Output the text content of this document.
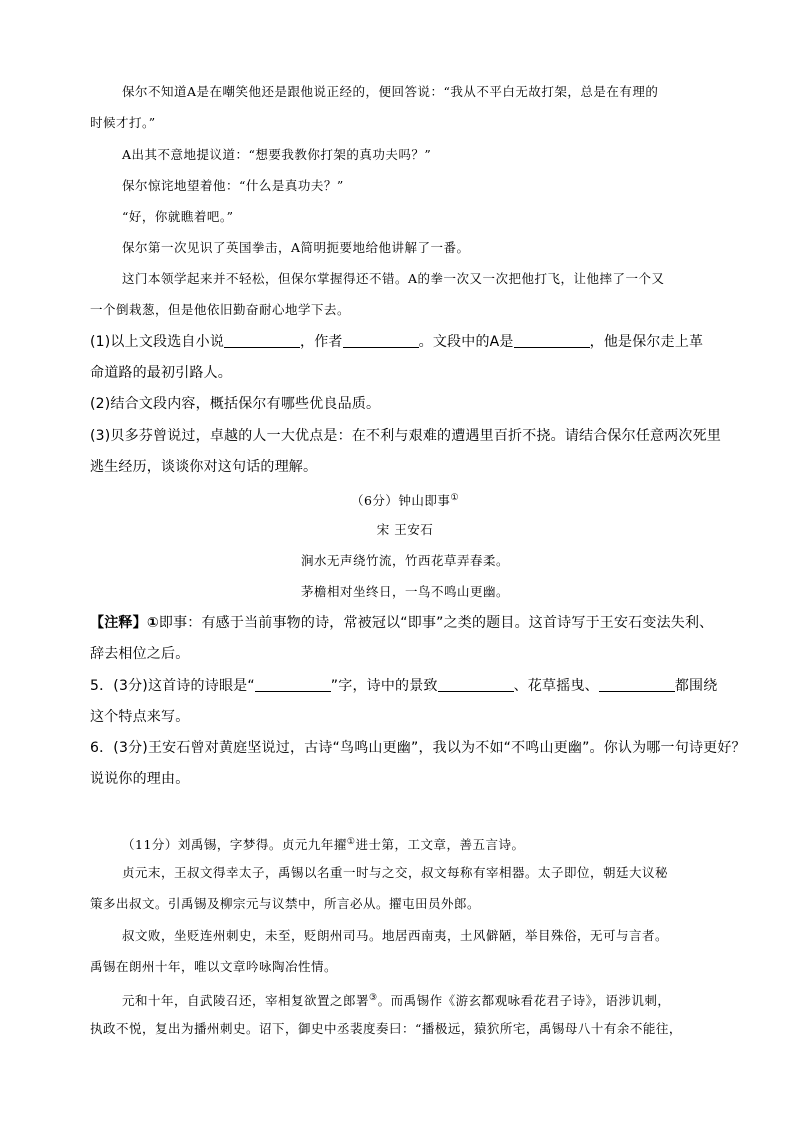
保尔不知道A是在嘲笑他还是跟他说正经的，便回答说：“我从不平白无故打架，总是在有理的
时候才打。”
A出其不意地提议道：“想要我教你打架的真功夫吗？”
保尔惊诧地望着他：“什么是真功夫？”
“好，你就瞧着吧。”
保尔第一次见识了英国拳击，A简明扼要地给他讲解了一番。
这门本领学起来并不轻松，但保尔掌握得还不错。A的拳一次又一次把他打飞，让他摔了一个又
一个倒栽葱，但是他依旧勤奋耐心地学下去。
(1)以上文段选自小说	，作者	。文段中的A是	，他是保尔走上革
命道路的最初引路人。
(2)结合文段内容，概括保尔有哪些优良品质。
(3)贝多芬曾说过，卓越的人一大优点是：在不利与艰难的遭遇里百折不挠。请结合保尔任意两次死里
逃生经历，谈谈你对这句话的理解。
（6分）钟山即事①
宋 王安石
涧水无声绕竹流，竹西花草弄春柔。
茅檐相对坐终日，一鸟不鸣山更幽。
【注释】①即事：有感于当前事物的诗，常被冠以“即事”之类的题目。这首诗写于王安石变法失利、
辞去相位之后。
5．(3分)这首诗的诗眼是“	”字，诗中的景致	、花草摇曳、	都围绕
这个特点来写。
6．(3分)王安石曾对黄庭坚说过，古诗“鸟鸣山更幽”，我以为不如“不鸣山更幽”。你认为哪一句诗更好？
说说你的理由。
（11分）刘禹锡，字梦得。贞元九年擢①进士第，工文章，善五言诗。
贞元末，王叔文得幸太子，禹锡以名重一时与之交，叔文每称有宰相器。太子即位，朝廷大议秘
策多出叔文。引禹锡及柳宗元与议禁中，所言必从。擢屯田员外郎。
叔文败，坐贬连州刺史，未至，贬朗州司马。地居西南夷，土风僻陋，举目殊俗，无可与言者。
禹锡在朗州十年，唯以文章吟咏陶冶性情。
元和十年，自武陵召还，宰相复欲置之郎署③。而禹锡作《游玄都观咏看花君子诗》，语涉讥刺，
执政不悦，复出为播州刺史。诏下，御史中丞裴度奏曰：“播极远，猿狖所宅，禹锡母八十有余不能往，
